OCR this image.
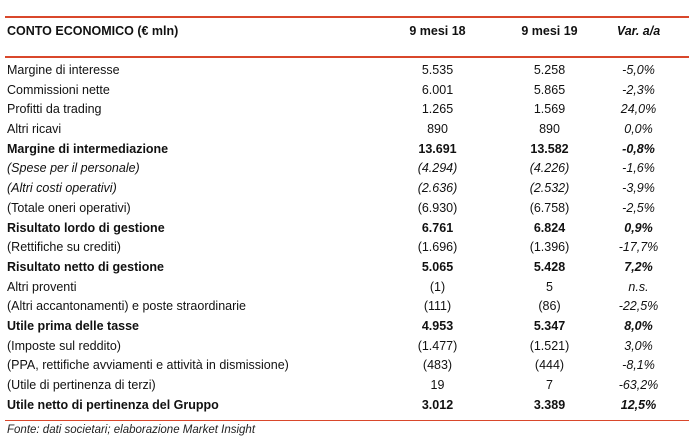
CONTO ECONOMICO (€ mln)	9 mesi 18	9 mesi 19	Var. a/a
Margine di interesse	5.535	5.258	-5,0%
Commissioni nette	6.001	5.865	-2,3%
Profitti da trading	1.265	1.569	24,0%
Altri ricavi	890	890	0,0%
Margine di intermediazione	13.691	13.582	-0,8%
(Spese per il personale)	(4.294)	(4.226)	-1,6%
(Altri costi operativi)	(2.636)	(2.532)	-3,9%
(Totale oneri operativi)	(6.930)	(6.758)	-2,5%
Risultato lordo di gestione	6.761	6.824	0,9%
(Rettifiche su crediti)	(1.696)	(1.396)	-17,7%
Risultato netto di gestione	5.065	5.428	7,2%
Altri proventi	(1)	5	n.s.
(Altri accantonamenti) e poste straordinarie	(111)	(86)	-22,5%
Utile prima delle tasse	4.953	5.347	8,0%
(Imposte sul reddito)	(1.477)	(1.521)	3,0%
(PPA, rettifiche avviamenti e attività in dismissione)	(483)	(444)	-8,1%
(Utile di pertinenza di terzi)	19	7	-63,2%
Utile netto di pertinenza del Gruppo	3.012	3.389	12,5%
Fonte: dati societari; elaborazione Market Insight
